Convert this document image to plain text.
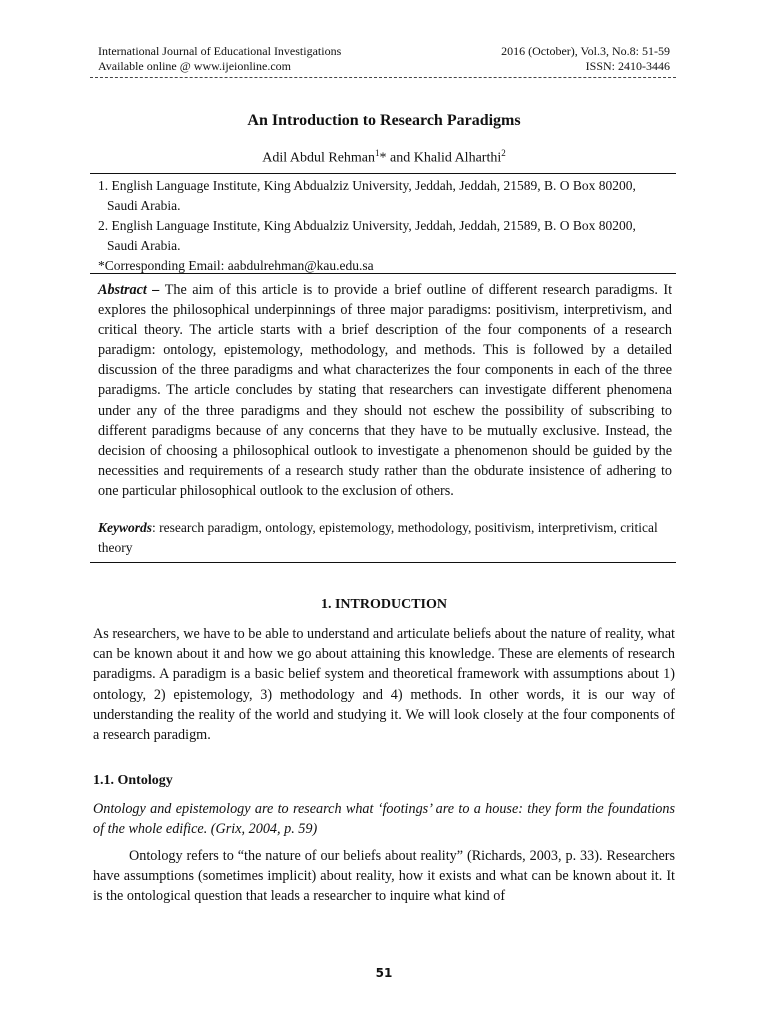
International Journal of Educational Investigations
Available online @ www.ijeionline.com
2016 (October), Vol.3, No.8: 51-59
ISSN: 2410-3446
An Introduction to Research Paradigms
Adil Abdul Rehman$^1$* and Khalid Alharthi$^2$
1. English Language Institute, King Abdualziz University, Jeddah, Jeddah, 21589, B. O Box 80200,
Saudi Arabia.
2. English Language Institute, King Abdualziz University, Jeddah, Jeddah, 21589, B. O Box 80200,
Saudi Arabia.
*Corresponding Email: aabdulrehman@kau.edu.sa
Abstract – The aim of this article is to provide a brief outline of different research paradigms. It explores the philosophical underpinnings of three major paradigms: positivism, interpretivism, and critical theory. The article starts with a brief description of the four components of a research paradigm: ontology, epistemology, methodology, and methods. This is followed by a detailed discussion of the three paradigms and what characterizes the four components in each of the three paradigms. The article concludes by stating that researchers can investigate different phenomena under any of the three paradigms and they should not eschew the possibility of subscribing to different paradigms because of any concerns that they have to be mutually exclusive. Instead, the decision of choosing a philosophical outlook to investigate a phenomenon should be guided by the necessities and requirements of a research study rather than the obdurate insistence of adhering to one particular philosophical outlook to the exclusion of others.
Keywords: research paradigm, ontology, epistemology, methodology, positivism, interpretivism, critical theory
1. INTRODUCTION
As researchers, we have to be able to understand and articulate beliefs about the nature of reality, what can be known about it and how we go about attaining this knowledge. These are elements of research paradigms. A paradigm is a basic belief system and theoretical framework with assumptions about 1) ontology, 2) epistemology, 3) methodology and 4) methods. In other words, it is our way of understanding the reality of the world and studying it. We will look closely at the four components of a research paradigm.
1.1. Ontology
Ontology and epistemology are to research what ‘footings’ are to a house: they form the foundations of the whole edifice. (Grix, 2004, p. 59)
Ontology refers to “the nature of our beliefs about reality” (Richards, 2003, p. 33). Researchers have assumptions (sometimes implicit) about reality, how it exists and what can be known about it. It is the ontological question that leads a researcher to inquire what kind of
51
